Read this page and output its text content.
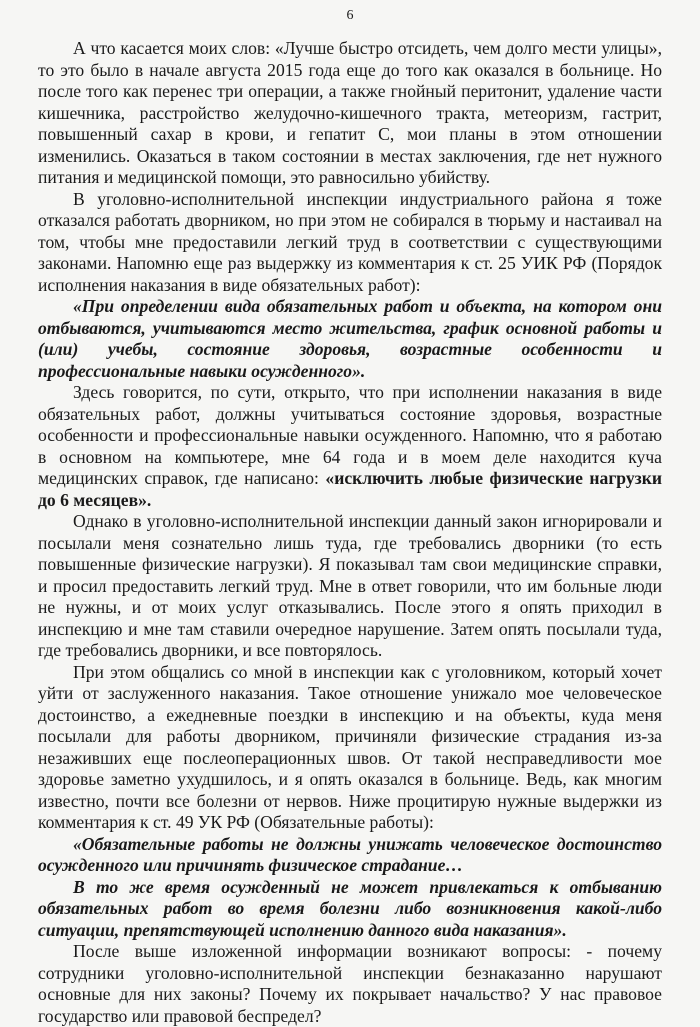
6

А что касается моих слов: «Лучше быстро отсидеть, чем долго мести улицы», то это было в начале августа 2015 года еще до того как оказался в больнице. Но после того как перенес три операции, а также гнойный перитонит, удаление части кишечника, расстройство желудочно-кишечного тракта, метеоризм, гастрит, повышенный сахар в крови, и гепатит С, мои планы в этом отношении изменились. Оказаться в таком состоянии в местах заключения, где нет нужного питания и медицинской помощи, это равносильно убийству.

В уголовно-исполнительной инспекции индустриального района я тоже отказался работать дворником, но при этом не собирался в тюрьму и настаивал на том, чтобы мне предоставили легкий труд в соответствии с существующими законами. Напомню еще раз выдержку из комментария к ст. 25 УИК РФ (Порядок исполнения наказания в виде обязательных работ):

«При определении вида обязательных работ и объекта, на котором они отбываются, учитываются место жительства, график основной работы и (или) учебы, состояние здоровья, возрастные особенности и профессиональные навыки осужденного».

Здесь говорится, по сути, открыто, что при исполнении наказания в виде обязательных работ, должны учитываться состояние здоровья, возрастные особенности и профессиональные навыки осужденного. Напомню, что я работаю в основном на компьютере, мне 64 года и в моем деле находится куча медицинских справок, где написано: «исключить любые физические нагрузки до 6 месяцев».

Однако в уголовно-исполнительной инспекции данный закон игнорировали и посылали меня сознательно лишь туда, где требовались дворники (то есть повышенные физические нагрузки). Я показывал там свои медицинские справки, и просил предоставить легкий труд. Мне в ответ говорили, что им больные люди не нужны, и от моих услуг отказывались. После этого я опять приходил в инспекцию и мне там ставили очередное нарушение. Затем опять посылали туда, где требовались дворники, и все повторялось.

При этом общались со мной в инспекции как с уголовником, который хочет уйти от заслуженного наказания. Такое отношение унижало мое человеческое достоинство, а ежедневные поездки в инспекцию и на объекты, куда меня посылали для работы дворником, причиняли физические страдания из-за незаживших еще послеоперационных швов. От такой несправедливости мое здоровье заметно ухудшилось, и я опять оказался в больнице. Ведь, как многим известно, почти все болезни от нервов. Ниже процитирую нужные выдержки из комментария к ст. 49 УК РФ (Обязательные работы):

«Обязательные работы не должны унижать человеческое достоинство осужденного или причинять физическое страдание…

В то же время осужденный не может привлекаться к отбыванию обязательных работ во время болезни либо возникновения какой-либо ситуации, препятствующей исполнению данного вида наказания».

После выше изложенной информации возникают вопросы: - почему сотрудники уголовно-исполнительной инспекции безнаказанно нарушают основные для них законы? Почему их покрывает начальство? У нас правовое государство или правовой беспредел?
